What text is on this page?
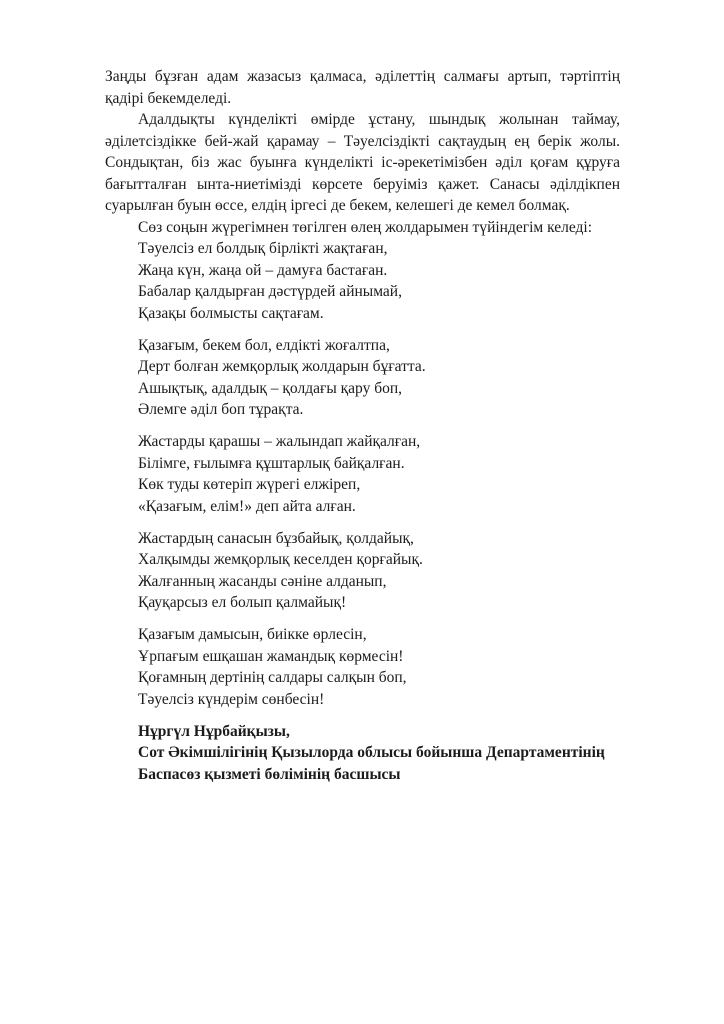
Заңды бұзған адам жазасыз қалмаса, әділеттің салмағы артып, тәртіптің қадірі бекемделеді.

Адалдықты күнделікті өмірде ұстану, шындық жолынан таймау, әділетсіздікке бей-жай қарамау – Тәуелсіздікті сақтаудың ең берік жолы. Сондықтан, біз жас буынға күнделікті іс-әрекетімізбен әділ қоғам құруға бағытталған ынта-ниетімізді көрсете беруіміз қажет. Санасы әділдікпен суарылған буын өссе, елдің іргесі де бекем, келешегі де кемел болмақ.

Сөз соңын жүрегімнен төгілген өлең жолдарымен түйіндегім келеді:

Тәуелсіз ел болдық бірлікті жақтаған,
Жаңа күн, жаңа ой – дамуға бастаған.
Бабалар қалдырған дәстүрдей айнымай,
Қазақы болмысты сақтағам.
Қазағым, бекем бол, елдікті жоғалтпа,
Дерт болған жемқорлық жолдарын бұғатта.
Ашықтық, адалдық – қолдағы қару боп,
Әлемге әділ боп тұрақта.
Жастарды қарашы – жалындап жайқалған,
Білімге, ғылымға құштарлық байқалған.
Көк туды көтеріп жүрегі елжіреп,
«Қазағым, елім!» деп айта алған.
Жастардың санасын бұзбайық, қолдайық,
Халқымды жемқорлық кеселден қорғайық.
Жалғанның жасанды сәніне алданып,
Қауқарсыз ел болып қалмайық!
Қазағым дамысын, биікке өрлесін,
Ұрпағым ешқашан жамандық көрмесін!
Қоғамның дертінің салдары салқын боп,
Тәуелсіз күндерім сөнбесін!
Нұргүл Нұрбайқызы,
Сот Әкімшілігінің Қызылорда облысы бойынша Департаментінің
Баспасөз қызметі бөлімінің басшысы
